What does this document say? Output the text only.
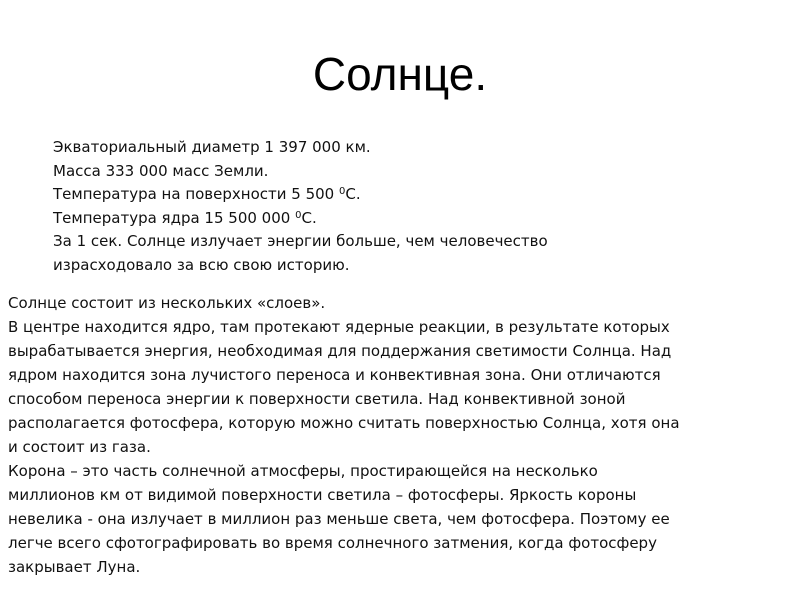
Солнце.
Экваториальный диаметр 1 397 000 км.
Масса 333 000 масс Земли.
Температура на поверхности 5 500 $^0$С.
Температура ядра 15 500 000 $^0$С.
За 1 сек. Солнце излучает энергии больше, чем человечество
израсходовало за всю свою историю.
Солнце состоит из нескольких «слоев».
В центре находится ядро, там протекают ядерные реакции, в результате которых
вырабатывается энергия, необходимая для поддержания светимости Солнца. Над
ядром находится зона лучистого переноса и конвективная зона. Они отличаются
способом переноса энергии к поверхности светила. Над конвективной зоной
располагается фотосфера, которую можно считать поверхностью Солнца, хотя она
и состоит из газа.
Корона – это часть солнечной атмосферы, простирающейся на несколько
миллионов км от видимой поверхности светила – фотосферы. Яркость короны
невелика - она излучает в миллион раз меньше света, чем фотосфера. Поэтому ее
легче всего сфотографировать во время солнечного затмения, когда фотосферу
закрывает Луна.
